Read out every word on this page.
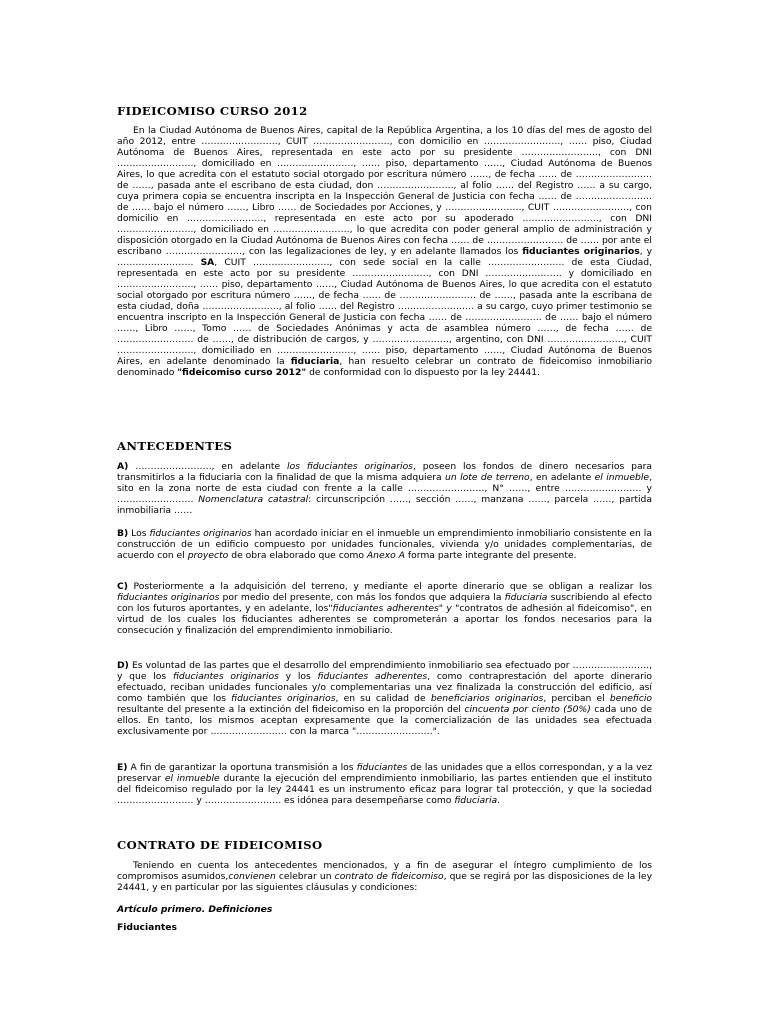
FIDEICOMISO CURSO 2012

En la Ciudad Autónoma de Buenos Aires, capital de la República Argentina, a los 10 días del mes de agosto del año 2012, entre ……………………., CUIT ……………………., con domicilio en ……………………., …… piso, Ciudad Autónoma de Buenos Aires, representada en este acto por su presidente ……………………., con DNI ……………………., domiciliado en ……………………., …… piso, departamento ……, Ciudad Autónoma de Buenos Aires, lo que acredita con el estatuto social otorgado por escritura número ……, de fecha …… de ……………………. de ……, pasada ante el escribano de esta ciudad, don ……………………., al folio …… del Registro …… a su cargo, cuya primera copia se encuentra inscripta en la Inspección General de Justicia con fecha …… de ……………………. de …… bajo el número ……, Libro …… de Sociedades por Acciones, y ……………………., CUIT ……………………., con domicilio en ……………………., representada en este acto por su apoderado ……………………., con DNI ……………………., domiciliado en ……………………., lo que acredita con poder general amplio de administración y disposición otorgado en la Ciudad Autónoma de Buenos Aires con fecha …… de ……………………. de …… por ante el escribano ……………………., con las legalizaciones de ley, y en adelante llamados los fiduciantes originarios, y ……………………. SA, CUIT ……………………., con sede social en la calle ……………………. de esta Ciudad, representada en este acto por su presidente ……………………., con DNI ……………………. y domiciliado en ……………………., …… piso, departamento ……, Ciudad Autónoma de Buenos Aires, lo que acredita con el estatuto social otorgado por escritura número ……, de fecha …… de ……………………. de ……, pasada ante la escribana de esta ciudad, doña ……………………., al folio …… del Registro ……………………. a su cargo, cuyo primer testimonio se encuentra inscripto en la Inspección General de Justicia con fecha …… de ……………………. de …… bajo el número ……, Libro ……, Tomo …… de Sociedades Anónimas y acta de asamblea número ……, de fecha …… de ……………………. de ……, de distribución de cargos, y ……………………., argentino, con DNI ……………………., CUIT ……………………., domiciliado en ……………………., …… piso, departamento ……, Ciudad Autónoma de Buenos Aires, en adelante denominado la fiduciaria, han resuelto celebrar un contrato de fideicomiso inmobiliario denominado "fideicomiso curso 2012" de conformidad con lo dispuesto por la ley 24441.

ANTECEDENTES

A) ……………………., en adelante los fiduciantes originarios, poseen los fondos de dinero necesarios para transmitirlos a la fiduciaria con la finalidad de que la misma adquiera un lote de terreno, en adelante el inmueble, sito en la zona norte de esta ciudad con frente a la calle ……………………., N° ……, entre ……………………. y ……………………. Nomenclatura catastral: circunscripción ……, sección ……, manzana ……, parcela ……, partida inmobiliaria ……

B) Los fiduciantes originarios han acordado iniciar en el inmueble un emprendimiento inmobiliario consistente en la construcción de un edificio compuesto por unidades funcionales, vivienda y/o unidades complementarias, de acuerdo con el proyecto de obra elaborado que como Anexo A forma parte integrante del presente.

C) Posteriormente a la adquisición del terreno, y mediante el aporte dinerario que se obligan a realizar los fiduciantes originarios por medio del presente, con más los fondos que adquiera la fiduciaria suscribiendo al efecto con los futuros aportantes, y en adelante, los"fiduciantes adherentes" y "contratos de adhesión al fideicomiso", en virtud de los cuales los fiduciantes adherentes se comprometerán a aportar los fondos necesarios para la consecución y finalización del emprendimiento inmobiliario.

D) Es voluntad de las partes que el desarrollo del emprendimiento inmobiliario sea efectuado por ……………………., y que los fiduciantes originarios y los fiduciantes adherentes, como contraprestación del aporte dinerario efectuado, reciban unidades funcionales y/o complementarias una vez finalizada la construcción del edificio, así como también que los fiduciantes originarios, en su calidad de beneficiarios originarios, perciban el beneficio resultante del presente a la extinción del fideicomiso en la proporción del cincuenta por ciento (50%) cada uno de ellos. En tanto, los mismos aceptan expresamente que la comercialización de las unidades sea efectuada exclusivamente por ……………………. con la marca "…………………….".

E) A fin de garantizar la oportuna transmisión a los fiduciantes de las unidades que a ellos correspondan, y a la vez preservar el inmueble durante la ejecución del emprendimiento inmobiliario, las partes entienden que el instituto del fideicomiso regulado por la ley 24441 es un instrumento eficaz para lograr tal protección, y que la sociedad ……………………. y ……………………. es idónea para desempeñarse como fiduciaria.

CONTRATO DE FIDEICOMISO

Teniendo en cuenta los antecedentes mencionados, y a fin de asegurar el íntegro cumplimiento de los compromisos asumidos,convienen celebrar un contrato de fideicomiso, que se regirá por las disposiciones de la ley 24441, y en particular por las siguientes cláusulas y condiciones:

Artículo primero. Definiciones

Fiduciantes
